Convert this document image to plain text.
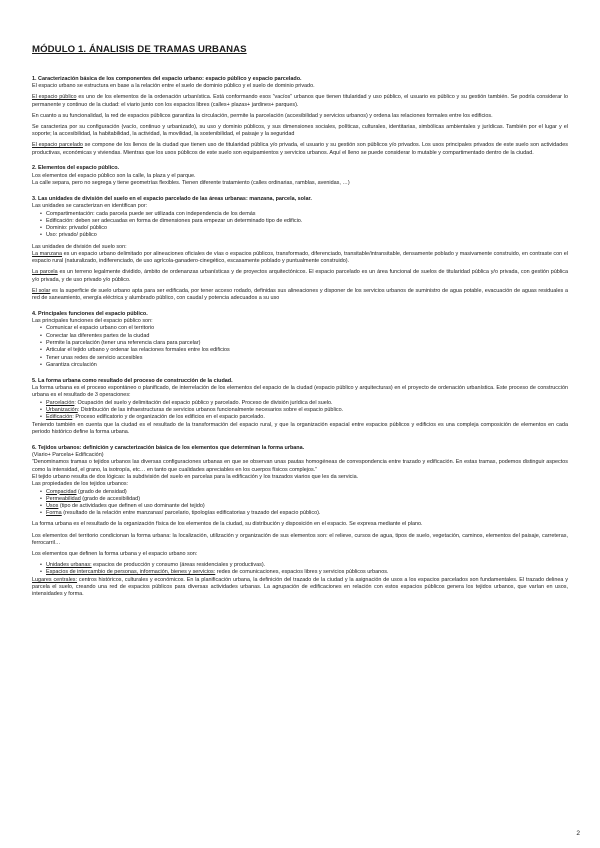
MÓDULO 1. ÁNALISIS DE TRAMAS URBANAS

1. Caracterización básica de los componentes del espacio urbano: espacio público y espacio parcelado.

El espacio urbano se estructura en base a la relación entre el suelo de dominio público y el suelo de dominio privado.

El espacio público es uno de los elementos de la ordenación urbanística. Está conformando esos “vacíos” urbanos que tienen titularidad y uso público, el usuario es público y su gestión también. Se podría considerar lo permanente y continuo de la ciudad: el viario junto con los espacios libres (calles+ plazas+ jardines+ parques).

En cuanto a su funcionalidad, la red de espacios públicos garantiza la circulación, permite la parcelación (accesibilidad y servicios urbanos) y ordena las relaciones formales entre los edificios.

Se caracteriza por su configuración (vacío, continuo y urbanizado), su uso y dominio públicos, y sus dimensiones sociales, políticas, culturales, identitarias, simbólicas ambientales y jurídicas. También por el lugar y el soporte; la accesibilidad, la habitabilidad, la actividad, la movilidad, la sostenibilidad, el paisaje y la seguridad

El espacio parcelado se compone de los llenos de la ciudad que tienen uso de titularidad pública y/o privada, el usuario y su gestión son públicos y/o privados. Los usos principales privados de este suelo son actividades productivas, económicas y viviendas. Mientras que los usos públicos de este suelo son equipamientos y servicios urbanos. Aquí el lleno se puede considerar lo mutable y compartimentado dentro de la ciudad.

2. Elementos del espacio público.

Los elementos del espacio público son la calle, la plaza y el parque.

La calle separa, pero no segrega y tiene geometrías flexibles. Tienen diferente tratamiento (calles ordinarias, ramblas, avenidas, …)

3. Las unidades de división del suelo en el espacio parcelado de las áreas urbanas: manzana, parcela, solar.

Las unidades se caracterizan en identifican por:

• Compartimentación: cada parcela puede ser utilizada con independencia de los demás
• Edificación: deben ser adecuadas en forma de dimensiones para empezar un determinado tipo de edificio.
• Dominio: privado/ público
• Uso: privado/ público

Las unidades de división del suelo son:

La manzana es un espacio urbano delimitado por alineaciones oficiales de vías o espacios públicos, transformado, diferenciado, transitable/intransitable, densamente poblado y masivamente construido, en contraste con el espacio rural (naturalizado, indiferenciado, de uso agrícola-ganadero-cinegético, escasamente poblado y puntualmente construido).

La parcela es un terreno legalmente dividido, ámbito de ordenanzas urbanísticas y de proyectos arquitectónicos. El espacio parcelado es un área funcional de suelos de titularidad pública y/o privada, con gestión pública y/o privada, y de uso privado y/o público.

El solar es la superficie de suelo urbano apta para ser edificada, por tener acceso rodado, definidas sus alineaciones y disponer de los servicios urbanos de suministro de agua potable, evacuación de aguas residuales a red de saneamiento, energía eléctrica y alumbrado público, con caudal y potencia adecuados a su uso

4. Principales funciones del espacio público.

Las principales funciones del espacio público son:

• Comunicar el espacio urbano con el territorio
• Conectar las diferentes partes de la ciudad
• Permite la parcelación (tener una referencia clara para parcelar)
• Articular el tejido urbano y ordenar las relaciones formales entre los edificios
• Tener unas redes de servicio accesibles
• Garantiza circulación

5. La forma urbana como resultado del proceso de construcción de la ciudad.

La forma urbana es el proceso espontáneo o planificado, de interrelación de los elementos del espacio de la ciudad (espacio público y arquitecturas) en el proyecto de ordenación urbanística. Este proceso de construcción urbana es el resultado de 3 operaciones:

• Parcelación: Ocupación del suelo y delimitación del espacio público y parcelado. Proceso de división jurídica del suelo.
• Urbanización: Distribución de las infraestructuras de servicios urbanos funcionalmente necesarios sobre el espacio público.
• Edificación: Proceso edificatorio y de organización de los edificios en el espacio parcelado.

Teniendo también en cuenta que la ciudad es el resultado de la transformación del espacio rural, y que la organización espacial entre espacios públicos y edificios es una compleja composición de elementos en cada periodo histórico define la forma urbana.

6. Tejidos urbanos: definición y caracterización básica de los elementos que determinan la forma urbana.

(Viario+ Parcela+ Edificación)

“Denominamos tramas o tejidos urbanos las diversas configuraciones urbanas en que se observan unas pautas homogéneas de correspondencia entre trazado y edificación. En estas tramas, podemos distinguir aspectos como la intensidad, el grano, la isotropía, etc… en tanto que cualidades apreciables en los cuerpos físicos complejos.”

El tejido urbano resulta de dos lógicas: la subdivisión del suelo en parcelas para la edificación y los trazados viarios que les da servicia.

Las propiedades de los tejidos urbanos:

• Compacidad (grado de densidad)
• Permeabilidad (grado de accesibilidad)
• Usos (tipo de actividades que definen el uso dominante del tejido)
• Forma (resultado de la relación entre manzanas/ parcelario, tipologías edificatorias y trazado del espacio público).

La forma urbana es el resultado de la organización física de los elementos de la ciudad, su distribución y disposición en el espacio. Se expresa mediante el plano.

Los elementos del territorio condicionan la forma urbana: la localización, utilización y organización de sus elementos son: el relieve, cursos de agua, tipos de suelo, vegetación, caminos, elementos del paisaje, carreteras, ferrocarril…

Los elementos que definen la forma urbana y el espacio urbano son:

• Unidades urbanas: espacios de producción y consumo (áreas residenciales y productivas).
• Espacios de intercambio de personas, información, bienes y servicios: redes de comunicaciones, espacios libres y servicios públicos urbanos.

Lugares centrales: centros históricos, culturales y económicos. En la planificación urbana, la definición del trazado de la ciudad y la asignación de usos a los espacios parcelados son fundamentales. El trazado delinea y parcela el suelo, creando una red de espacios públicos para diversas actividades urbanas. La agrupación de edificaciones en relación con estos espacios públicos genera los tejidos urbanos, que varían en usos, intensidades y forma.

2
